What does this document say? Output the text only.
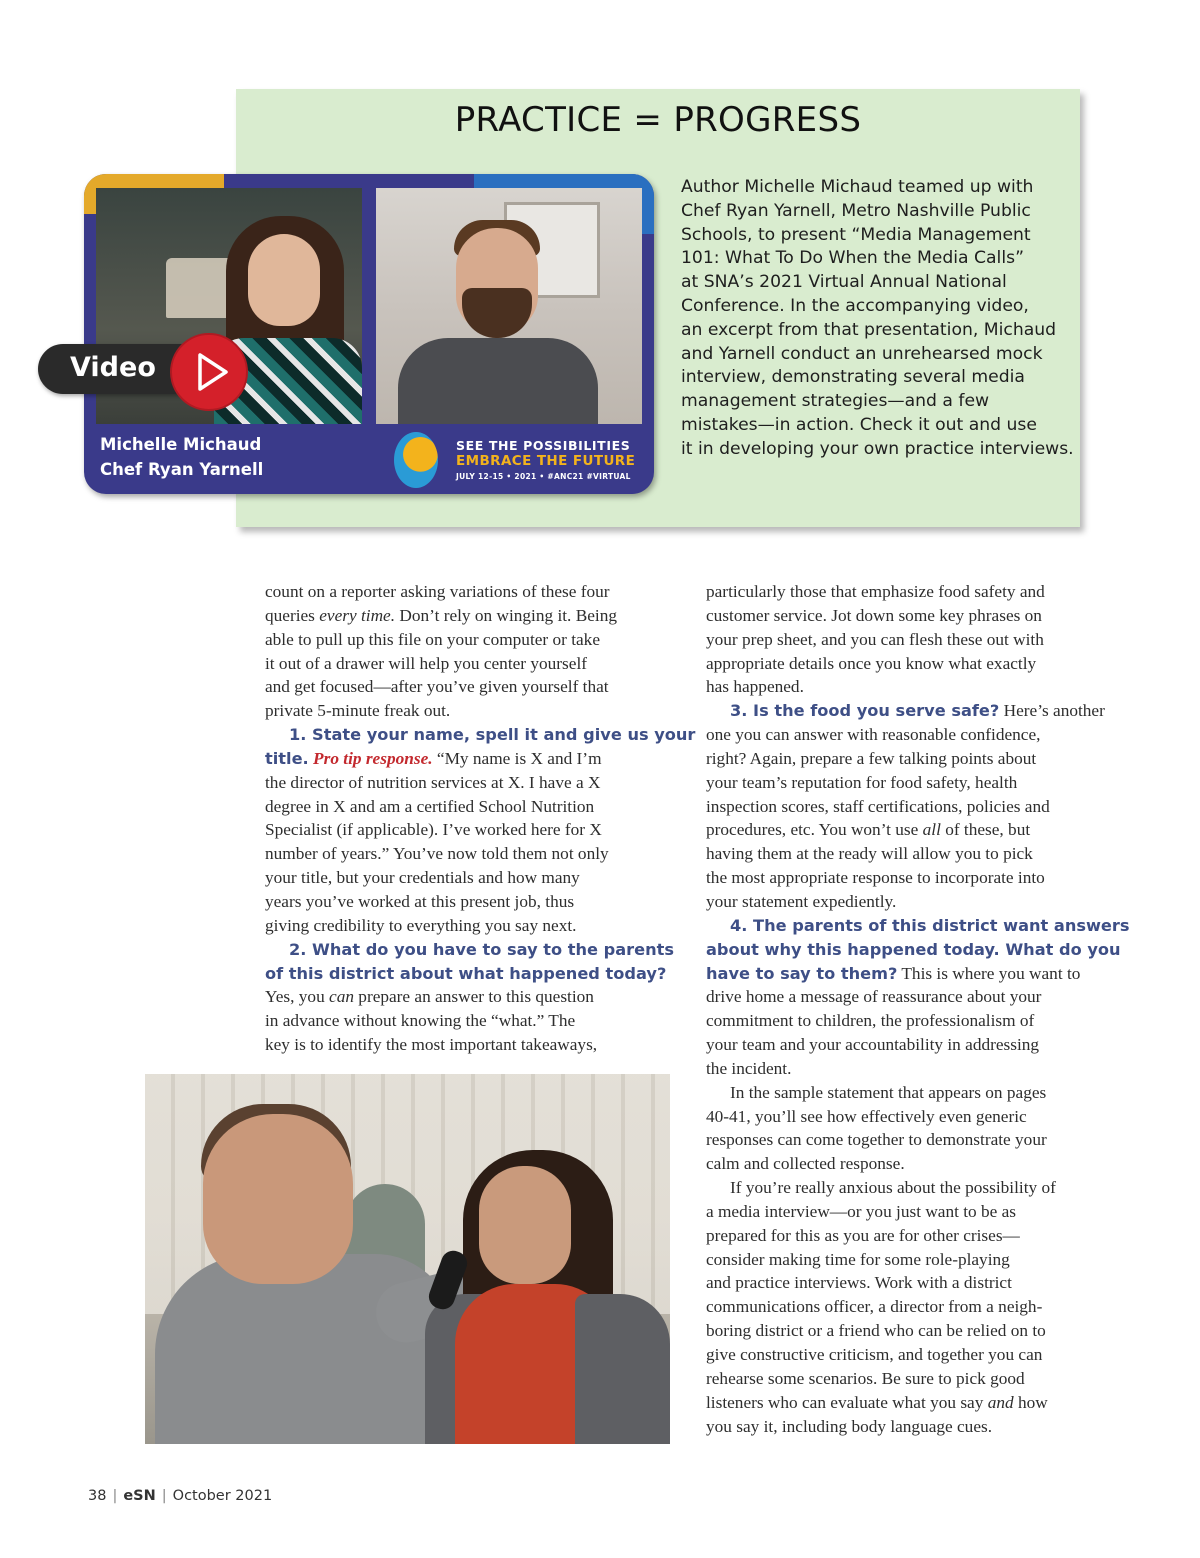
PRACTICE = PROGRESS
Author Michelle Michaud teamed up with
Chef Ryan Yarnell, Metro Nashville Public
Schools, to present “Media Management
101: What To Do When the Media Calls”
at SNA’s 2021 Virtual Annual National
Conference. In the accompanying video,
an excerpt from that presentation, Michaud
and Yarnell conduct an unrehearsed mock
interview, demonstrating several media
management strategies—and a few
mistakes—in action. Check it out and use
it in developing your own practice interviews.
Michelle Michaud
Chef Ryan Yarnell
SEE THE POSSIBILITIES
EMBRACE THE FUTURE
JULY 12-15 • 2021 • #ANC21 #VIRTUAL
Video
count on a reporter asking variations of these four
queries every time. Don’t rely on winging it. Being
able to pull up this file on your computer or take
it out of a drawer will help you center yourself
and get focused—after you’ve given yourself that
private 5-minute freak out.
1. State your name, spell it and give us your
title. Pro tip response. “My name is X and I’m
the director of nutrition services at X. I have a X
degree in X and am a certified School Nutrition
Specialist (if applicable). I’ve worked here for X
number of years.” You’ve now told them not only
your title, but your credentials and how many
years you’ve worked at this present job, thus
giving credibility to everything you say next.
2. What do you have to say to the parents
of this district about what happened today?
Yes, you can prepare an answer to this question
in advance without knowing the “what.” The
key is to identify the most important takeaways,
particularly those that emphasize food safety and
customer service. Jot down some key phrases on
your prep sheet, and you can flesh these out with
appropriate details once you know what exactly
has happened.
3. Is the food you serve safe? Here’s another
one you can answer with reasonable confidence,
right? Again, prepare a few talking points about
your team’s reputation for food safety, health
inspection scores, staff certifications, policies and
procedures, etc. You won’t use all of these, but
having them at the ready will allow you to pick
the most appropriate response to incorporate into
your statement expediently.
4. The parents of this district want answers
about why this happened today. What do you
have to say to them? This is where you want to
drive home a message of reassurance about your
commitment to children, the professionalism of
your team and your accountability in addressing
the incident.
In the sample statement that appears on pages
40-41, you’ll see how effectively even generic
responses can come together to demonstrate your
calm and collected response.
If you’re really anxious about the possibility of
a media interview—or you just want to be as
prepared for this as you are for other crises—
consider making time for some role-playing
and practice interviews. Work with a district
communications officer, a director from a neigh-
boring district or a friend who can be relied on to
give constructive criticism, and together you can
rehearse some scenarios. Be sure to pick good
listeners who can evaluate what you say and how
you say it, including body language cues.
38 | eSN | October 2021
